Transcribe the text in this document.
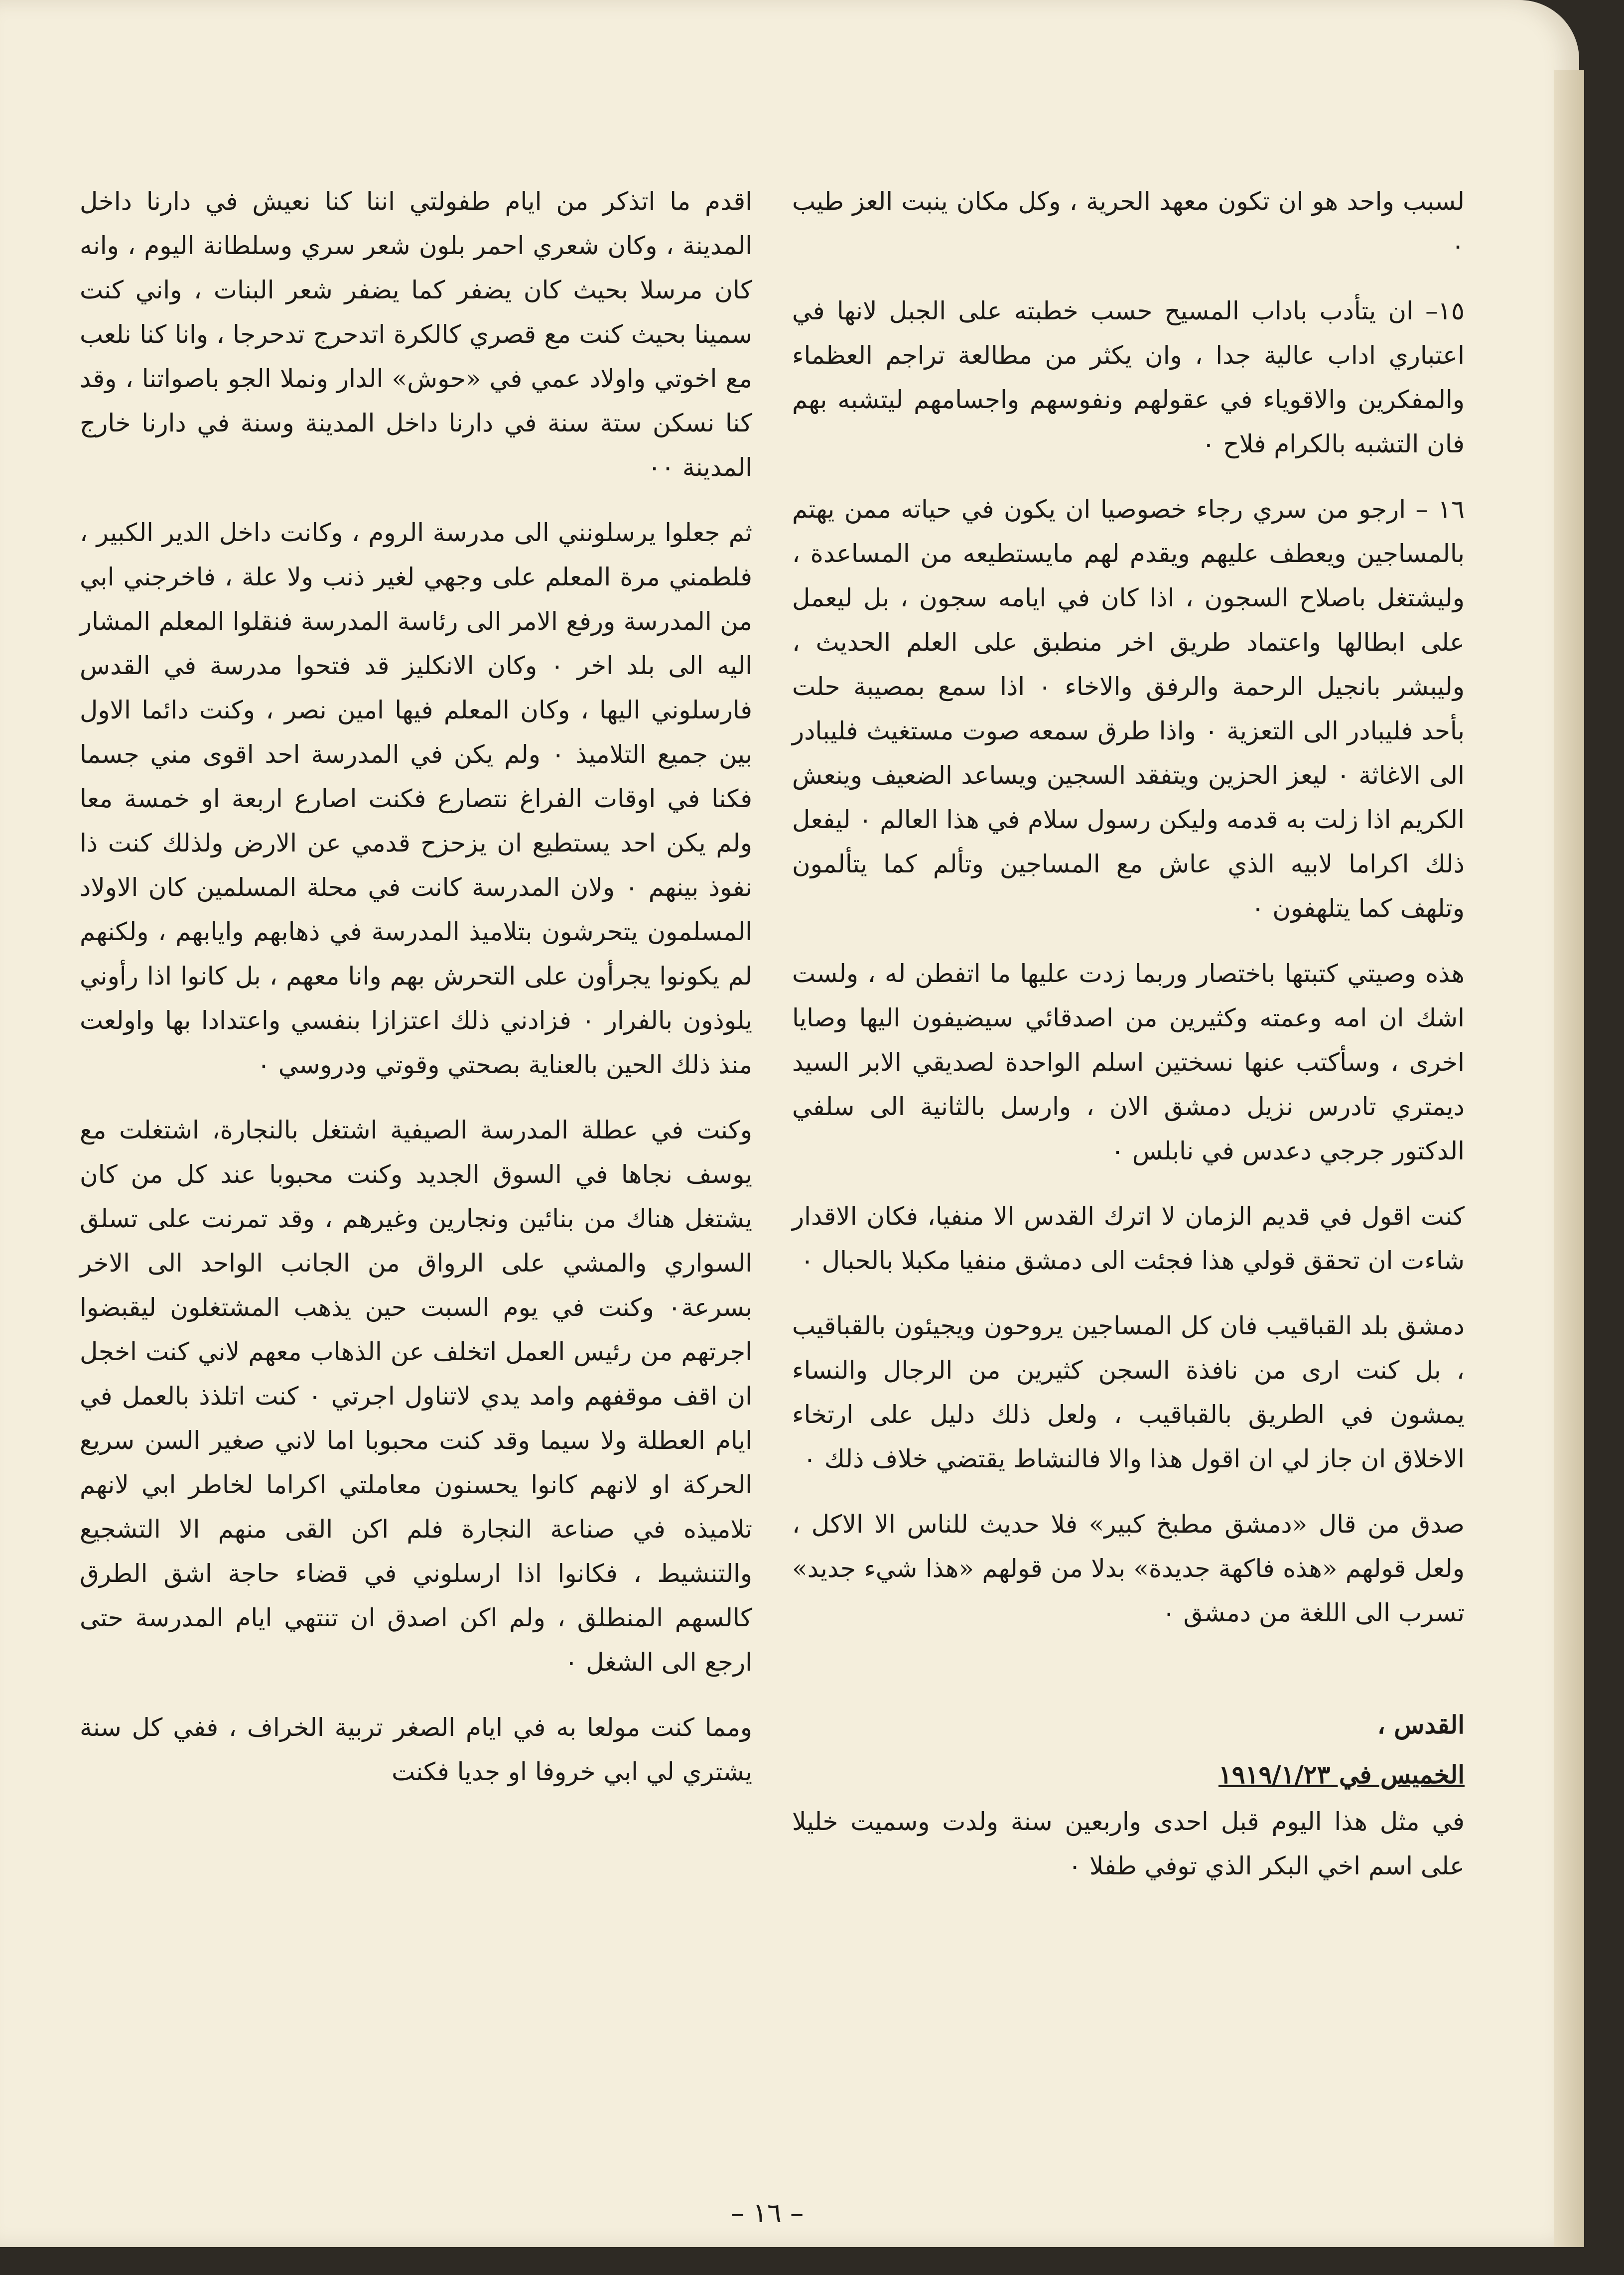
لسبب واحد هو ان تكون معهد الحرية ، وكل مكان ينبت العز طيب ٠

١٥– ان يتأدب باداب المسيح حسب خطبته على الجبل لانها في اعتباري اداب عالية جدا ، وان يكثر من مطالعة تراجم العظماء والمفكرين والاقوياء في عقولهم ونفوسهم واجسامهم ليتشبه بهم فان التشبه بالكرام فلاح ٠

١٦ – ارجو من سري رجاء خصوصيا ان يكون في حياته ممن يهتم بالمساجين ويعطف عليهم ويقدم لهم مايستطيعه من المساعدة ، وليشتغل باصلاح السجون ، اذا كان في ايامه سجون ، بل ليعمل على ابطالها واعتماد طريق اخر منطبق على العلم الحديث ، وليبشر بانجيل الرحمة والرفق والاخاء ٠ اذا سمع بمصيبة حلت بأحد فليبادر الى التعزية ٠ واذا طرق سمعه صوت مستغيث فليبادر الى الاغاثة ٠ ليعز الحزين ويتفقد السجين ويساعد الضعيف وينعش الكريم اذا زلت به قدمه وليكن رسول سلام في هذا العالم ٠ ليفعل ذلك اكراما لابيه الذي عاش مع المساجين وتألم كما يتألمون وتلهف كما يتلهفون ٠

هذه وصيتي كتبتها باختصار وربما زدت عليها ما اتفطن له ، ولست اشك ان امه وعمته وكثيرين من اصدقائي سيضيفون اليها وصايا اخرى ، وسأكتب عنها نسختين اسلم الواحدة لصديقي الابر السيد ديمتري تادرس نزيل دمشق الان ، وارسل بالثانية الى سلفي الدكتور جرجي دعدس في نابلس ٠

كنت اقول في قديم الزمان لا اترك القدس الا منفيا، فكان الاقدار شاءت ان تحقق قولي هذا فجئت الى دمشق منفيا مكبلا بالحبال ٠

دمشق بلد القباقيب فان كل المساجين يروحون ويجيئون بالقباقيب ، بل كنت ارى من نافذة السجن كثيرين من الرجال والنساء يمشون في الطريق بالقباقيب ، ولعل ذلك دليل على ارتخاء الاخلاق ان جاز لي ان اقول هذا والا فالنشاط يقتضي خلاف ذلك ٠

صدق من قال «دمشق مطبخ كبير» فلا حديث للناس الا الاكل ، ولعل قولهم «هذه فاكهة جديدة» بدلا من قولهم «هذا شيء جديد» تسرب الى اللغة من دمشق ٠

القدس ،
الخميس في ١٩١٩/١/٢٣

في مثل هذا اليوم قبل احدى واربعين سنة ولدت وسميت خليلا على اسم اخي البكر الذي توفي طفلا ٠

اقدم ما اتذكر من ايام طفولتي اننا كنا نعيش في دارنا داخل المدينة ، وكان شعري احمر بلون شعر سري وسلطانة اليوم ، وانه كان مرسلا بحيث كان يضفر كما يضفر شعر البنات ، واني كنت سمينا بحيث كنت مع قصري كالكرة اتدحرج تدحرجا ، وانا كنا نلعب مع اخوتي واولاد عمي في «حوش» الدار ونملا الجو باصواتنا ، وقد كنا نسكن ستة سنة في دارنا داخل المدينة وسنة في دارنا خارج المدينة ٠٠

ثم جعلوا يرسلونني الى مدرسة الروم ، وكانت داخل الدير الكبير ، فلطمني مرة المعلم على وجهي لغير ذنب ولا علة ، فاخرجني ابي من المدرسة ورفع الامر الى رئاسة المدرسة فنقلوا المعلم المشار اليه الى بلد اخر ٠ وكان الانكليز قد فتحوا مدرسة في القدس فارسلوني اليها ، وكان المعلم فيها امين نصر ، وكنت دائما الاول بين جميع التلاميذ ٠ ولم يكن في المدرسة احد اقوى مني جسما فكنا في اوقات الفراغ نتصارع فكنت اصارع اربعة او خمسة معا ولم يكن احد يستطيع ان يزحزح قدمي عن الارض ولذلك كنت ذا نفوذ بينهم ٠ ولان المدرسة كانت في محلة المسلمين كان الاولاد المسلمون يتحرشون بتلاميذ المدرسة في ذهابهم وايابهم ، ولكنهم لم يكونوا يجرأون على التحرش بهم وانا معهم ، بل كانوا اذا رأوني يلوذون بالفرار ٠ فزادني ذلك اعتزازا بنفسي واعتدادا بها واولعت منذ ذلك الحين بالعناية بصحتي وقوتي ودروسي ٠

وكنت في عطلة المدرسة الصيفية اشتغل بالنجارة، اشتغلت مع يوسف نجاها في السوق الجديد وكنت محبوبا عند كل من كان يشتغل هناك من بنائين ونجارين وغيرهم ، وقد تمرنت على تسلق السواري والمشي على الرواق من الجانب الواحد الى الاخر بسرعة٠ وكنت في يوم السبت حين يذهب المشتغلون ليقبضوا اجرتهم من رئيس العمل اتخلف عن الذهاب معهم لاني كنت اخجل ان اقف موقفهم وامد يدي لاتناول اجرتي ٠ كنت اتلذذ بالعمل في ايام العطلة ولا سيما وقد كنت محبوبا اما لاني صغير السن سريع الحركة او لانهم كانوا يحسنون معاملتي اكراما لخاطر ابي لانهم تلاميذه في صناعة النجارة فلم اكن القى منهم الا التشجيع والتنشيط ، فكانوا اذا ارسلوني في قضاء حاجة اشق الطرق كالسهم المنطلق ، ولم اكن اصدق ان تنتهي ايام المدرسة حتى ارجع الى الشغل ٠

ومما كنت مولعا به في ايام الصغر تربية الخراف ، ففي كل سنة يشتري لي ابي خروفا او جديا فكنت

– ١٦ –
